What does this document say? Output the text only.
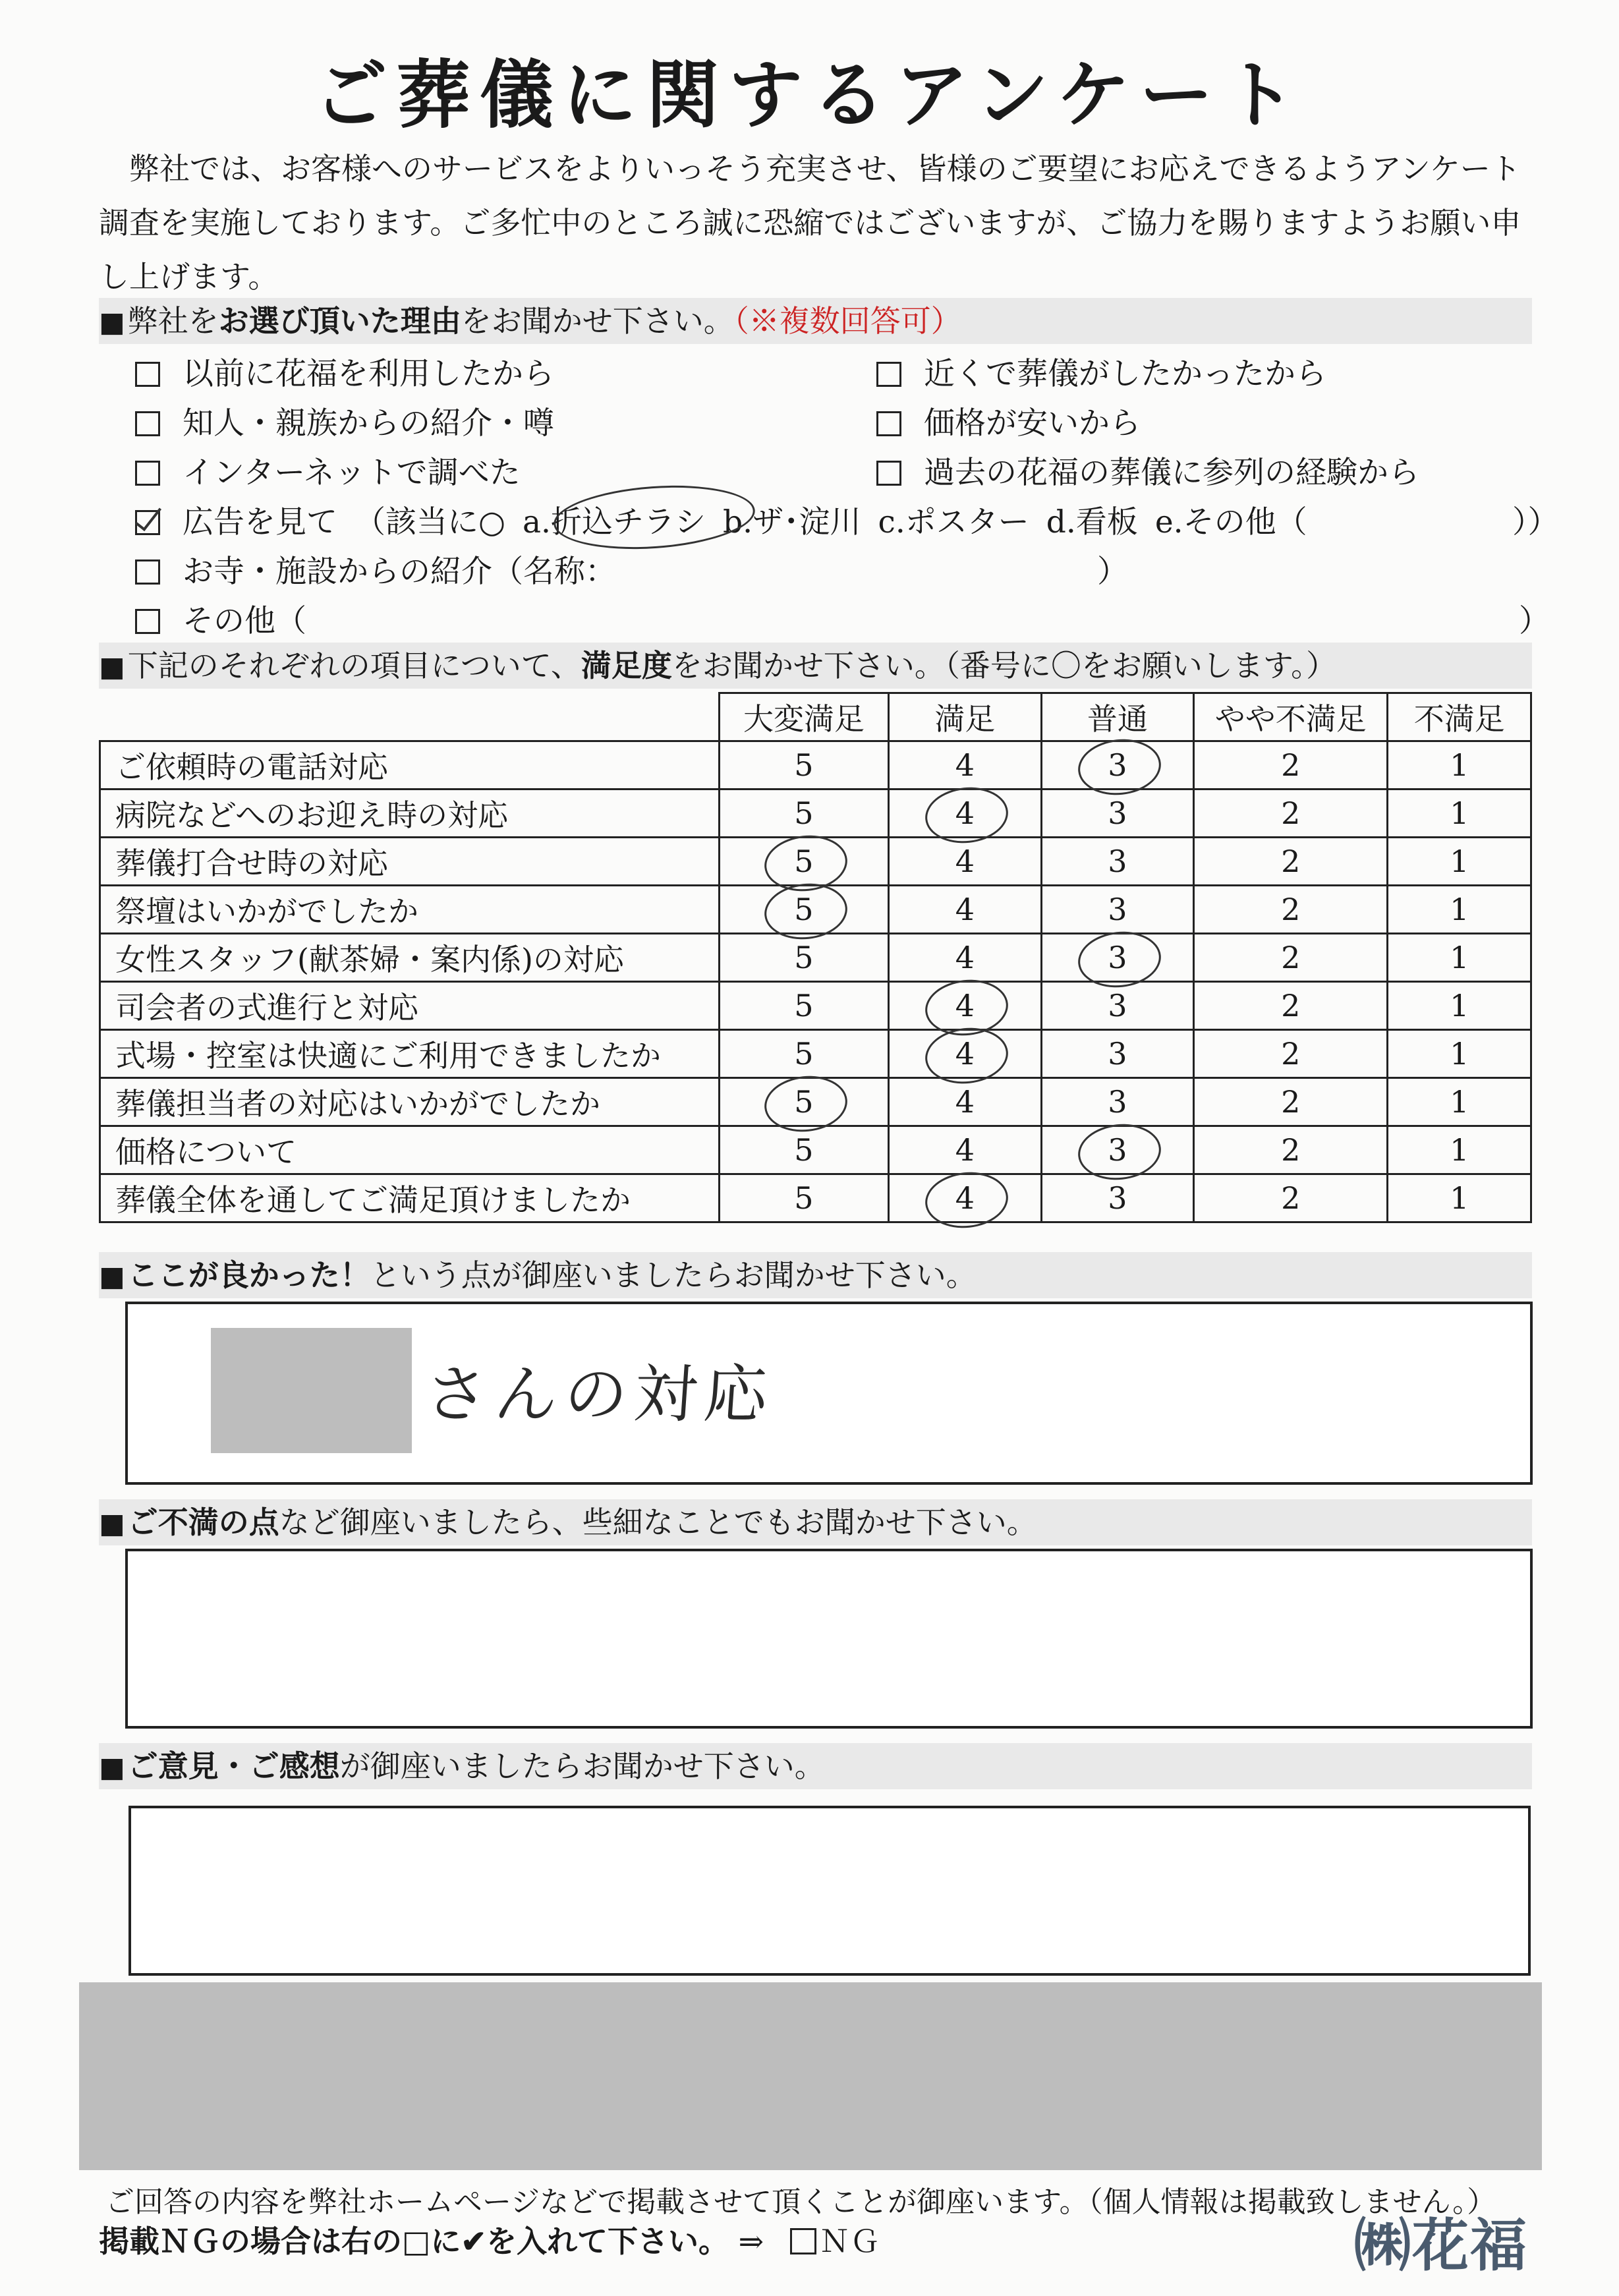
ご葬儀に関するアンケート

弊社では、お客様へのサービスをよりいっそう充実させ、皆様のご要望にお応えできるようアンケート調査を実施しております。ご多忙中のところ誠に恐縮ではございますが、ご協力を賜りますようお願い申し上げます。

■弊社をお選び頂いた理由をお聞かせ下さい。（※複数回答可）
以前に花福を利用したから
知人・親族からの紹介・噂
インターネットで調べた
近くで葬儀がしたかったから
価格が安いから
過去の花福の葬儀に参列の経験から
広告を見て （該当に○ a.折込チラシ b.ザ･淀川 c.ポスター d.看板 e.その他（	））
お寺・施設からの紹介（名称：	）
その他（	）
■下記のそれぞれの項目について、満足度をお聞かせ下さい。（番号に〇をお願いします。）
	大変満足	満足	普通	やや不満足	不満足
ご依頼時の電話対応	5	4	3	2	1
病院などへのお迎え時の対応	5	4	3	2	1
葬儀打合せ時の対応	5	4	3	2	1
祭壇はいかがでしたか	5	4	3	2	1
女性スタッフ(献茶婦・案内係)の対応	5	4	3	2	1
司会者の式進行と対応	5	4	3	2	1
式場・控室は快適にご利用できましたか	5	4	3	2	1
葬儀担当者の対応はいかがでしたか	5	4	3	2	1
価格について	5	4	3	2	1
葬儀全体を通してご満足頂けましたか	5	4	3	2	1
■ここが良かった！という点が御座いましたらお聞かせ下さい。
さんの対応
■ご不満の点など御座いましたら、些細なことでもお聞かせ下さい。
■ご意見・ご感想が御座いましたらお聞かせ下さい。
ご回答の内容を弊社ホームページなどで掲載させて頂くことが御座います。（個人情報は掲載致しません。）
掲載ＮＧの場合は右の□に✔を入れて下さい。 ⇒ ＮＧ	㈱花福
